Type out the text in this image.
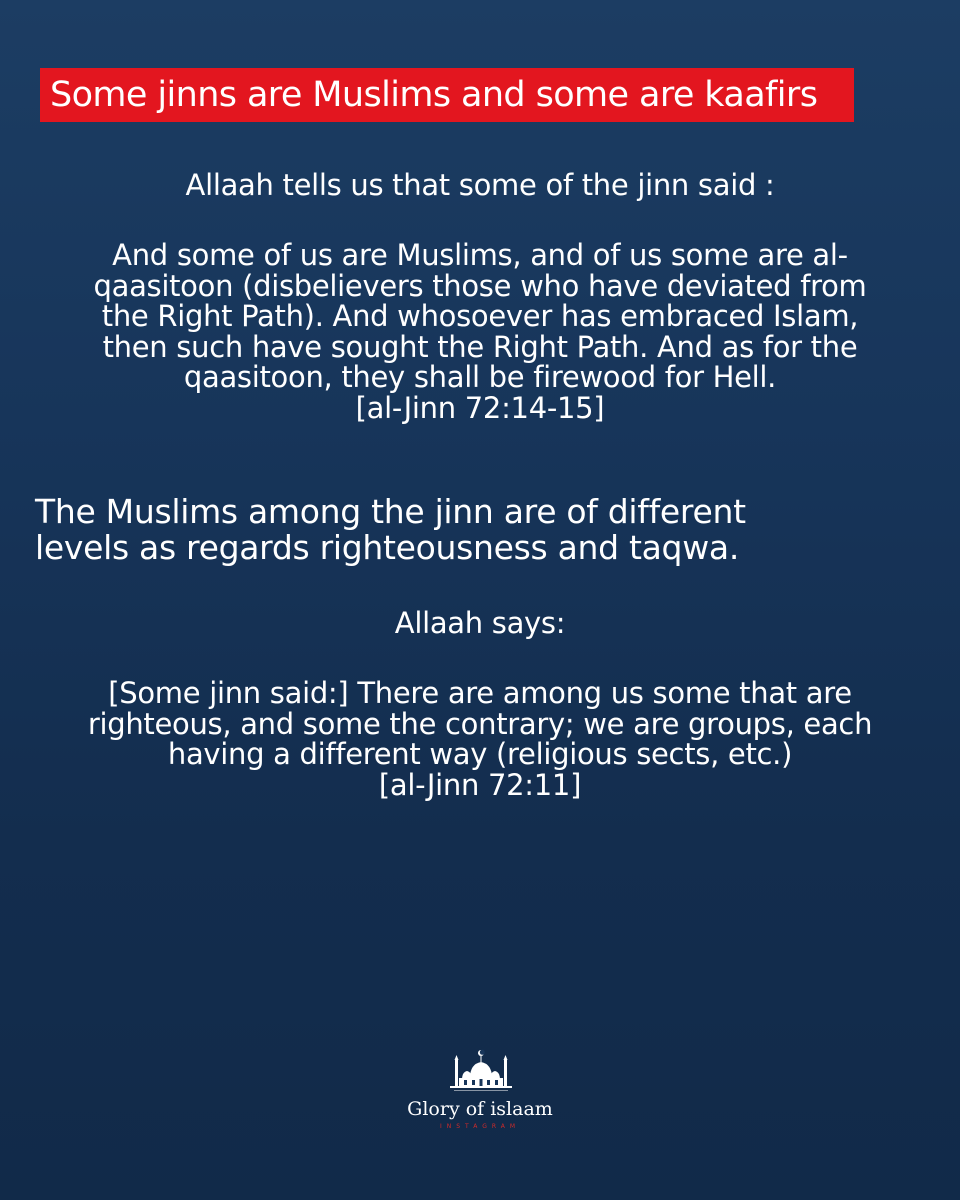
Some jinns are Muslims and some are kaafirs
Allaah tells us that some of the jinn said :
And some of us are Muslims, and of us some are al-
qaasitoon (disbelievers those who have deviated from
the Right Path). And whosoever has embraced Islam,
then such have sought the Right Path. And as for the
qaasitoon, they shall be firewood for Hell.
[al-Jinn 72:14-15]
The Muslims among the jinn are of different
levels as regards righteousness and taqwa.
Allaah says:
[Some jinn said:] There are among us some that are
righteous, and some the contrary; we are groups, each
having a different way (religious sects, etc.)
[al-Jinn 72:11]
Glory of islaam
INSTAGRAM
